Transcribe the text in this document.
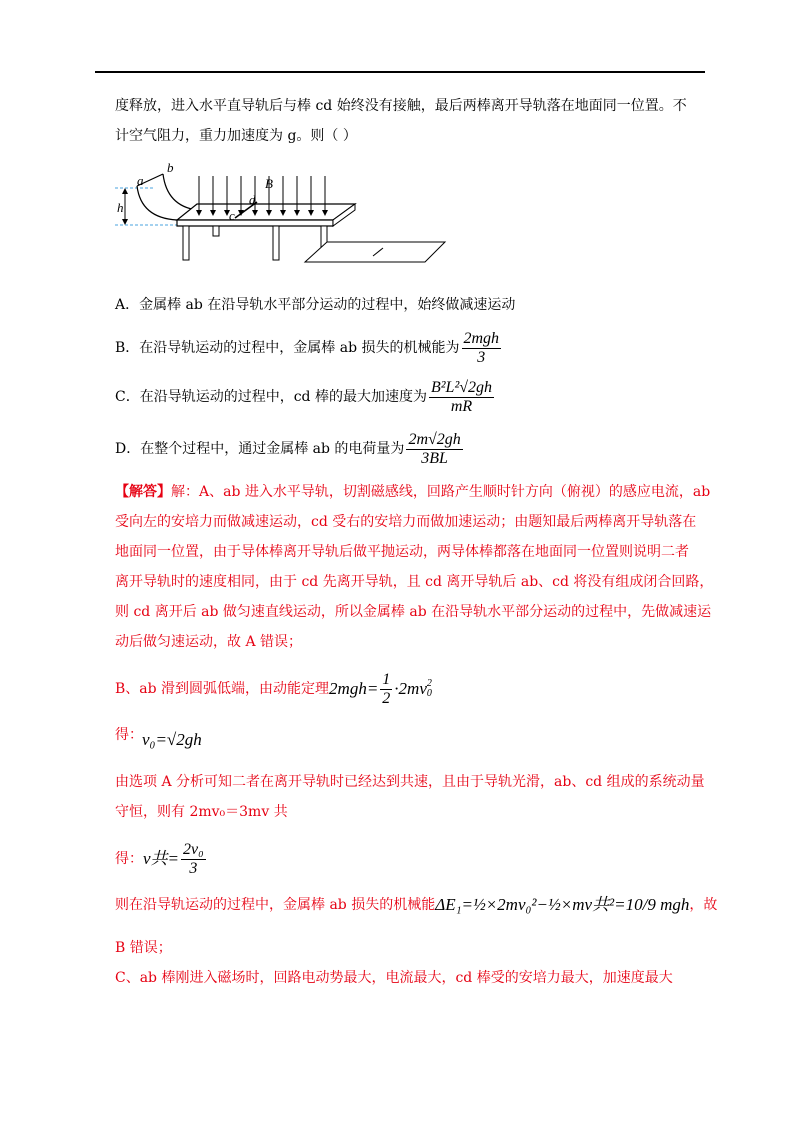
度释放，进入水平直导轨后与棒 cd 始终没有接触，最后两棒离开导轨落在地面同一位置。不
计空气阻力，重力加速度为 g。则（ ）
h
a
b
B
c
d
A．金属棒 ab 在沿导轨水平部分运动的过程中，始终做减速运动
B．在沿导轨运动的过程中，金属棒 ab 损失的机械能为 $\frac{\text{2mgh}}{3}$
C．在沿导轨运动的过程中，cd 棒的最大加速度为 $\frac{\text{B²L²√2gh}}{mR}$
D．在整个过程中，通过金属棒 ab 的电荷量为 $\frac{2m√2gh}{3BL}$
【解答】解：A、ab 进入水平导轨，切割磁感线，回路产生顺时针方向（俯视）的感应电流，ab
受向左的安培力而做减速运动，cd 受右的安培力而做加速运动；由题知最后两棒离开导轨落在
地面同一位置，由于导体棒离开导轨后做平抛运动，两导体棒都落在地面同一位置则说明二者
离开导轨时的速度相同，由于 cd 先离开导轨，且 cd 离开导轨后 ab、cd 将没有组成闭合回路，
则 cd 离开后 ab 做匀速直线运动，所以金属棒 ab 在沿导轨水平部分运动的过程中，先做减速运
动后做匀速运动，故 A 错误；
B、ab 滑到圆弧低端，由动能定理 $2mgh= \frac{1}{2} \cdot 2mv$ 2
0
得： v₀=√2gh
由选项 A 分析可知二者在离开导轨时已经达到共速，且由于导轨光滑，ab、cd 组成的系统动量
守恒，则有 2mv₀＝3mv 共
得： v共= $\frac{\text{2v₀}}{3}$
则在沿导轨运动的过程中，金属棒 ab 损失的机械能 ΔE₁=½×2mv₀²−½×mv共²=10/9 mgh ，故
B 错误；
C、ab 棒刚进入磁场时，回路电动势最大，电流最大，cd 棒受的安培力最大，加速度最大
